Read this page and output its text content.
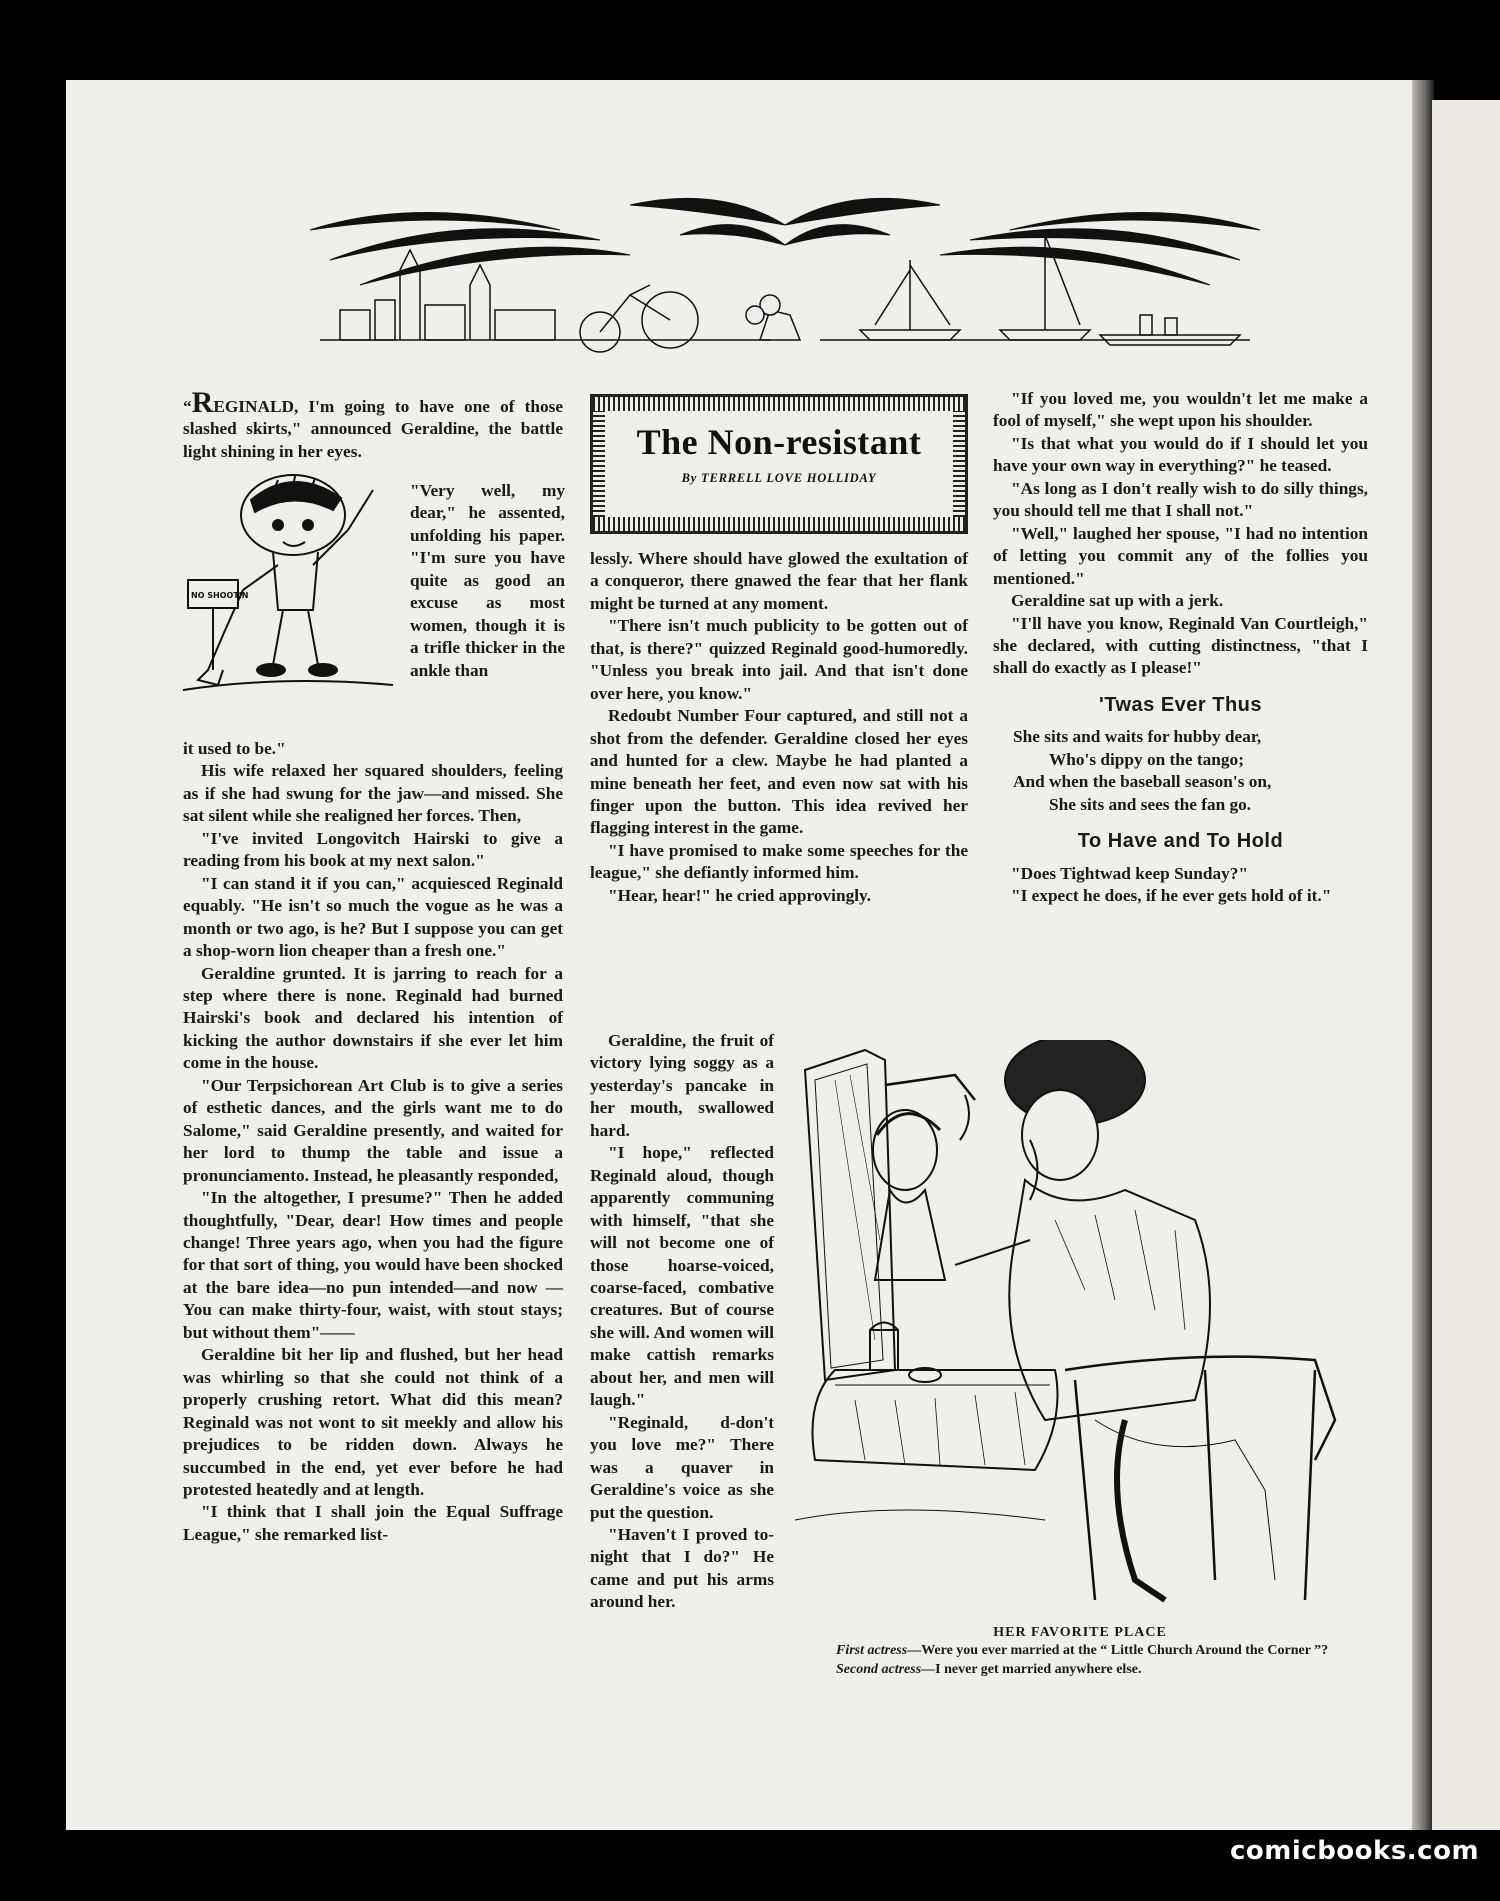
The Non-resistant
By TERRELL LOVE HOLLIDAY

“REGINALD, I'm going to have one of those slashed skirts," announced Geraldine, the battle light shining in her eyes.

NO SHOOTIN
"Very well, my dear," he assented, unfolding his paper. "I'm sure you have quite as good an excuse as most women, though it is a trifle thicker in the ankle than

it used to be."

His wife relaxed her squared shoulders, feeling as if she had swung for the jaw—and missed. She sat silent while she realigned her forces. Then,

"I've invited Longovitch Hairski to give a reading from his book at my next salon."

"I can stand it if you can," acquiesced Reginald equably. "He isn't so much the vogue as he was a month or two ago, is he? But I suppose you can get a shop-worn lion cheaper than a fresh one."

Geraldine grunted. It is jarring to reach for a step where there is none. Reginald had burned Hairski's book and declared his intention of kicking the author downstairs if she ever let him come in the house.

"Our Terpsichorean Art Club is to give a series of esthetic dances, and the girls want me to do Salome," said Geraldine presently, and waited for her lord to thump the table and issue a pronunciamento. Instead, he pleasantly responded,

"In the altogether, I presume?" Then he added thoughtfully, "Dear, dear! How times and people change! Three years ago, when you had the figure for that sort of thing, you would have been shocked at the bare idea—no pun intended—and now — You can make thirty-four, waist, with stout stays; but without them"——

Geraldine bit her lip and flushed, but her head was whirling so that she could not think of a properly crushing retort. What did this mean? Reginald was not wont to sit meekly and allow his prejudices to be ridden down. Always he succumbed in the end, yet ever before he had protested heatedly and at length.

"I think that I shall join the Equal Suffrage League," she remarked list-

lessly. Where should have glowed the exultation of a conqueror, there gnawed the fear that her flank might be turned at any moment.

"There isn't much publicity to be gotten out of that, is there?" quizzed Reginald good-humoredly. "Unless you break into jail. And that isn't done over here, you know."

Redoubt Number Four captured, and still not a shot from the defender. Geraldine closed her eyes and hunted for a clew. Maybe he had planted a mine beneath her feet, and even now sat with his finger upon the button. This idea revived her flagging interest in the game.

"I have promised to make some speeches for the league," she defiantly informed him.

"Hear, hear!" he cried approvingly.

Geraldine, the fruit of victory lying soggy as a yesterday's pancake in her mouth, swallowed hard.

"I hope," reflected Reginald aloud, though apparently communing with himself, "that she will not become one of those hoarse-voiced, coarse-faced, combative creatures. But of course she will. And women will make cattish remarks about her, and men will laugh."

"Reginald, d-don't you love me?" There was a quaver in Geraldine's voice as she put the question.

"Haven't I proved to-night that I do?" He came and put his arms around her.

"If you loved me, you wouldn't let me make a fool of myself," she wept upon his shoulder.

"Is that what you would do if I should let you have your own way in everything?" he teased.

"As long as I don't really wish to do silly things, you should tell me that I shall not."

"Well," laughed her spouse, "I had no intention of letting you commit any of the follies you mentioned."

Geraldine sat up with a jerk.

"I'll have you know, Reginald Van Courtleigh," she declared, with cutting distinctness, "that I shall do exactly as I please!"

'Twas Ever Thus
She sits and waits for hubby dear,
Who's dippy on the tango;
And when the baseball season's on,
She sits and sees the fan go.
To Have and To Hold

"Does Tightwad keep Sunday?"

"I expect he does, if he ever gets hold of it."

HER FAVORITE PLACE
First actress—Were you ever married at the “ Little Church Around the Corner ”?
Second actress—I never get married anywhere else.
comicbooks.com
